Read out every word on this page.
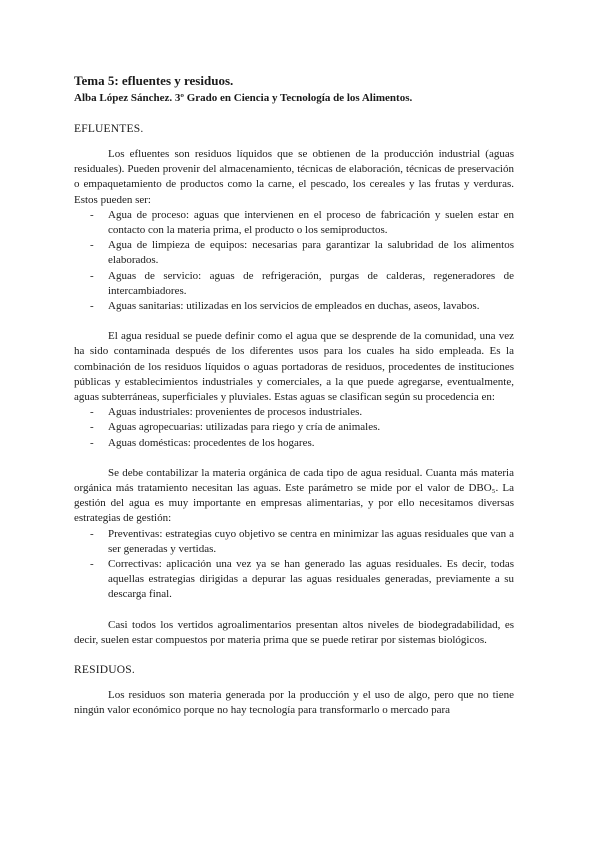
Tema 5: efluentes y residuos.
Alba López Sánchez. 3º Grado en Ciencia y Tecnología de los Alimentos.
EFLUENTES.

Los efluentes son residuos líquidos que se obtienen de la producción industrial (aguas residuales). Pueden provenir del almacenamiento, técnicas de elaboración, técnicas de preservación o empaquetamiento de productos como la carne, el pescado, los cereales y las frutas y verduras. Estos pueden ser:

- Agua de proceso: aguas que intervienen en el proceso de fabricación y suelen estar en contacto con la materia prima, el producto o los semiproductos.
- Agua de limpieza de equipos: necesarias para garantizar la salubridad de los alimentos elaborados.
- Aguas de servicio: aguas de refrigeración, purgas de calderas, regeneradores de intercambiadores.
- Aguas sanitarias: utilizadas en los servicios de empleados en duchas, aseos, lavabos.

El agua residual se puede definir como el agua que se desprende de la comunidad, una vez ha sido contaminada después de los diferentes usos para los cuales ha sido empleada. Es la combinación de los residuos líquidos o aguas portadoras de residuos, procedentes de instituciones públicas y establecimientos industriales y comerciales, a la que puede agregarse, eventualmente, aguas subterráneas, superficiales y pluviales. Estas aguas se clasifican según su procedencia en:

- Aguas industriales: provenientes de procesos industriales.
- Aguas agropecuarias: utilizadas para riego y cría de animales.
- Aguas domésticas: procedentes de los hogares.

Se debe contabilizar la materia orgánica de cada tipo de agua residual. Cuanta más materia orgánica más tratamiento necesitan las aguas. Este parámetro se mide por el valor de DBO₅. La gestión del agua es muy importante en empresas alimentarias, y por ello necesitamos diversas estrategias de gestión:

- Preventivas: estrategias cuyo objetivo se centra en minimizar las aguas residuales que van a ser generadas y vertidas.
- Correctivas: aplicación una vez ya se han generado las aguas residuales. Es decir, todas aquellas estrategias dirigidas a depurar las aguas residuales generadas, previamente a su descarga final.

Casi todos los vertidos agroalimentarios presentan altos niveles de biodegradabilidad, es decir, suelen estar compuestos por materia prima que se puede retirar por sistemas biológicos.

RESIDUOS.

Los residuos son materia generada por la producción y el uso de algo, pero que no tiene ningún valor económico porque no hay tecnología para transformarlo o mercado para
